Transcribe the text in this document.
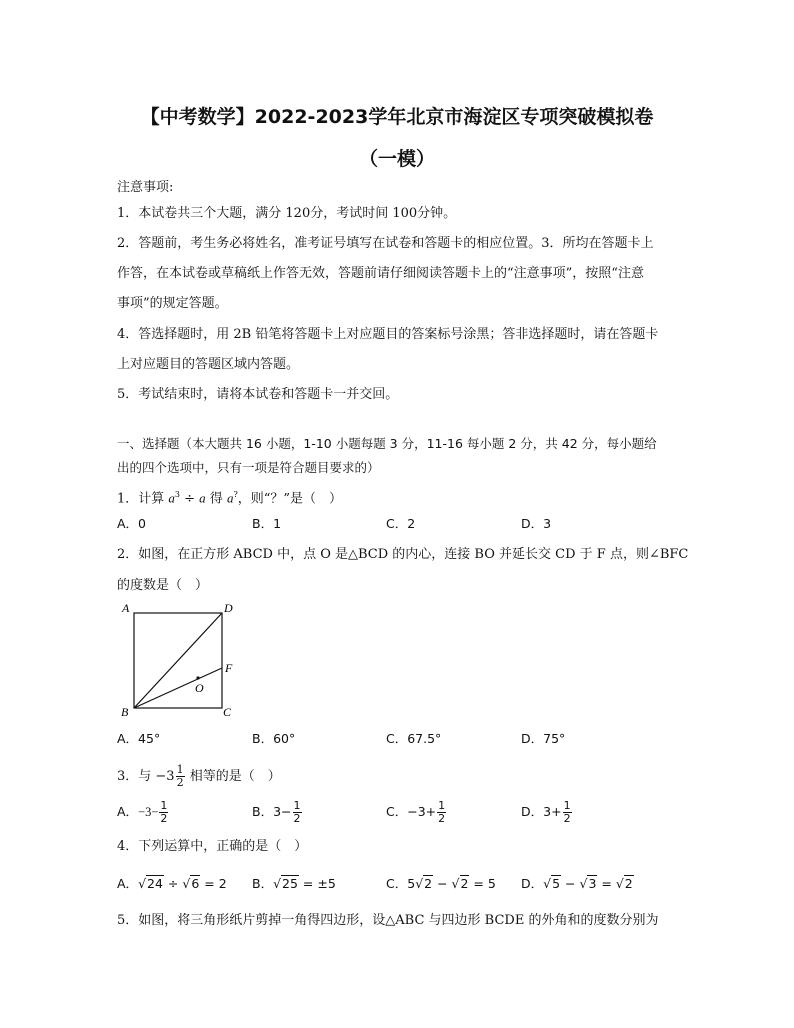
【中考数学】2022-2023学年北京市海淀区专项突破模拟卷
（一模）
注意事项:
1．本试卷共三个大题，满分 120分，考试时间 100分钟。
2．答题前，考生务必将姓名，准考证号填写在试卷和答题卡的相应位置。3．所均在答题卡上
作答，在本试卷或草稿纸上作答无效，答题前请仔细阅读答题卡上的“注意事项”，按照“注意
事项”的规定答题。
4．答选择题时，用 2B 铅笔将答题卡上对应题目的答案标号涂黑；答非选择题时，请在答题卡
上对应题目的答题区域内答题。
5．考试结束时，请将本试卷和答题卡一并交回。
一、选择题（本大题共 16 小题，1-10 小题每题 3 分，11-16 每小题 2 分，共 42 分，每小题给
出的四个选项中，只有一项是符合题目要求的）
1．计算 $a^3 \div a$ 得 a?，则“？”是（　）
A．0	B．1	C．2	D．3
2．如图，在正方形 ABCD 中，点 O 是△BCD 的内心，连接 BO 并延长交 CD 于 F 点，则∠BFC
的度数是（　）
A	D
F
O
B	C
A．45°	B．60°	C．67.5°	D．75°
3．与 $-3 \frac{1}{2}$ 相等的是（　）
A．$-3- \frac{1}{2}$	B．$3- \frac{1}{2}$	C．$-3+ \frac{1}{2}$	D．$3+ \frac{1}{2}$
4．下列运算中，正确的是（　）
A．√24 ÷ √6 = 2 B．√25 = ±5	C．5√2 − √2 = 5 D．√5 − √3 = √2
5．如图，将三角形纸片剪掉一角得四边形，设△ABC 与四边形 BCDE 的外角和的度数分别为
